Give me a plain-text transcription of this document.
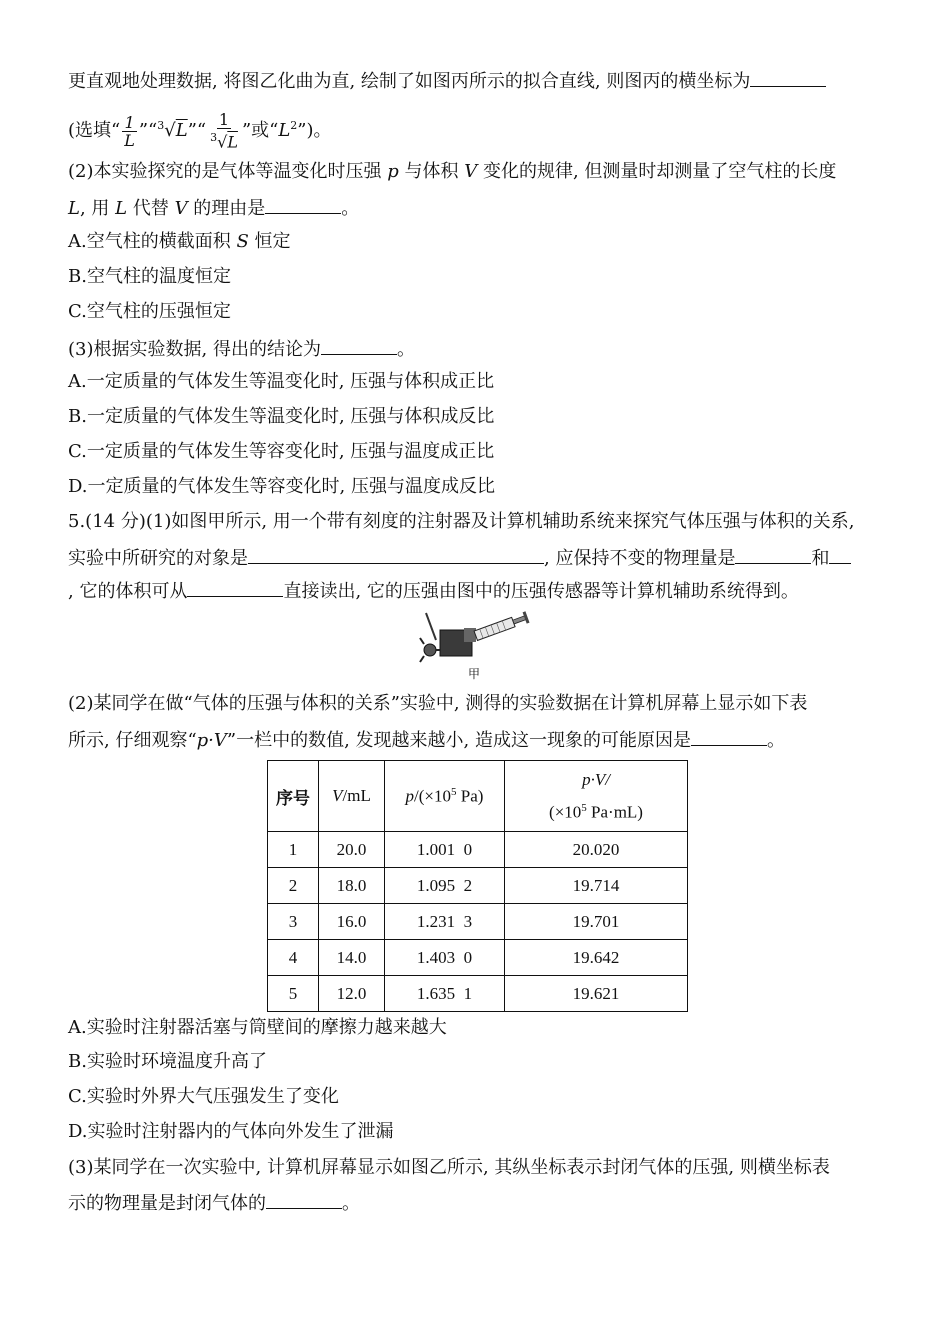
更直观地处理数据, 将图乙化曲为直, 绘制了如图丙所示的拟合直线, 则图丙的横坐标为
(选填“ $\frac{1}{L}$ ”“$^3$√L”“ $\frac{1}{^3√L}$ ”或“$L^2$”)。
(2)本实验探究的是气体等温变化时压强 p 与体积 V 变化的规律, 但测量时却测量了空气柱的长度
L, 用 L 代替 V 的理由是	。
A.空气柱的横截面积 S 恒定
B.空气柱的温度恒定
C.空气柱的压强恒定
(3)根据实验数据, 得出的结论为	。
A.一定质量的气体发生等温变化时, 压强与体积成正比
B.一定质量的气体发生等温变化时, 压强与体积成反比
C.一定质量的气体发生等容变化时, 压强与温度成正比
D.一定质量的气体发生等容变化时, 压强与温度成反比
5.(14 分)(1)如图甲所示, 用一个带有刻度的注射器及计算机辅助系统来探究气体压强与体积的关系,
实验中所研究的对象是	, 应保持不变的物理量是	和
, 它的体积可从	直接读出, 它的压强由图中的压强传感器等计算机辅助系统得到。
甲
(2)某同学在做“气体的压强与体积的关系”实验中, 测得的实验数据在计算机屏幕上显示如下表
所示, 仔细观察“p·V”一栏中的数值, 发现越来越小, 造成这一现象的可能原因是	。
序号	V/mL	$p/(\times 10^5$ Pa)	p·V/
($\times 10^5$ Pa·mL)
1	20.0	1.001  0	20.020
2	18.0	1.095  2	19.714
3	16.0	1.231  3	19.701
4	14.0	1.403  0	19.642
5	12.0	1.635  1	19.621
A.实验时注射器活塞与筒壁间的摩擦力越来越大
B.实验时环境温度升高了
C.实验时外界大气压强发生了变化
D.实验时注射器内的气体向外发生了泄漏
(3)某同学在一次实验中, 计算机屏幕显示如图乙所示, 其纵坐标表示封闭气体的压强, 则横坐标表
示的物理量是封闭气体的	。
